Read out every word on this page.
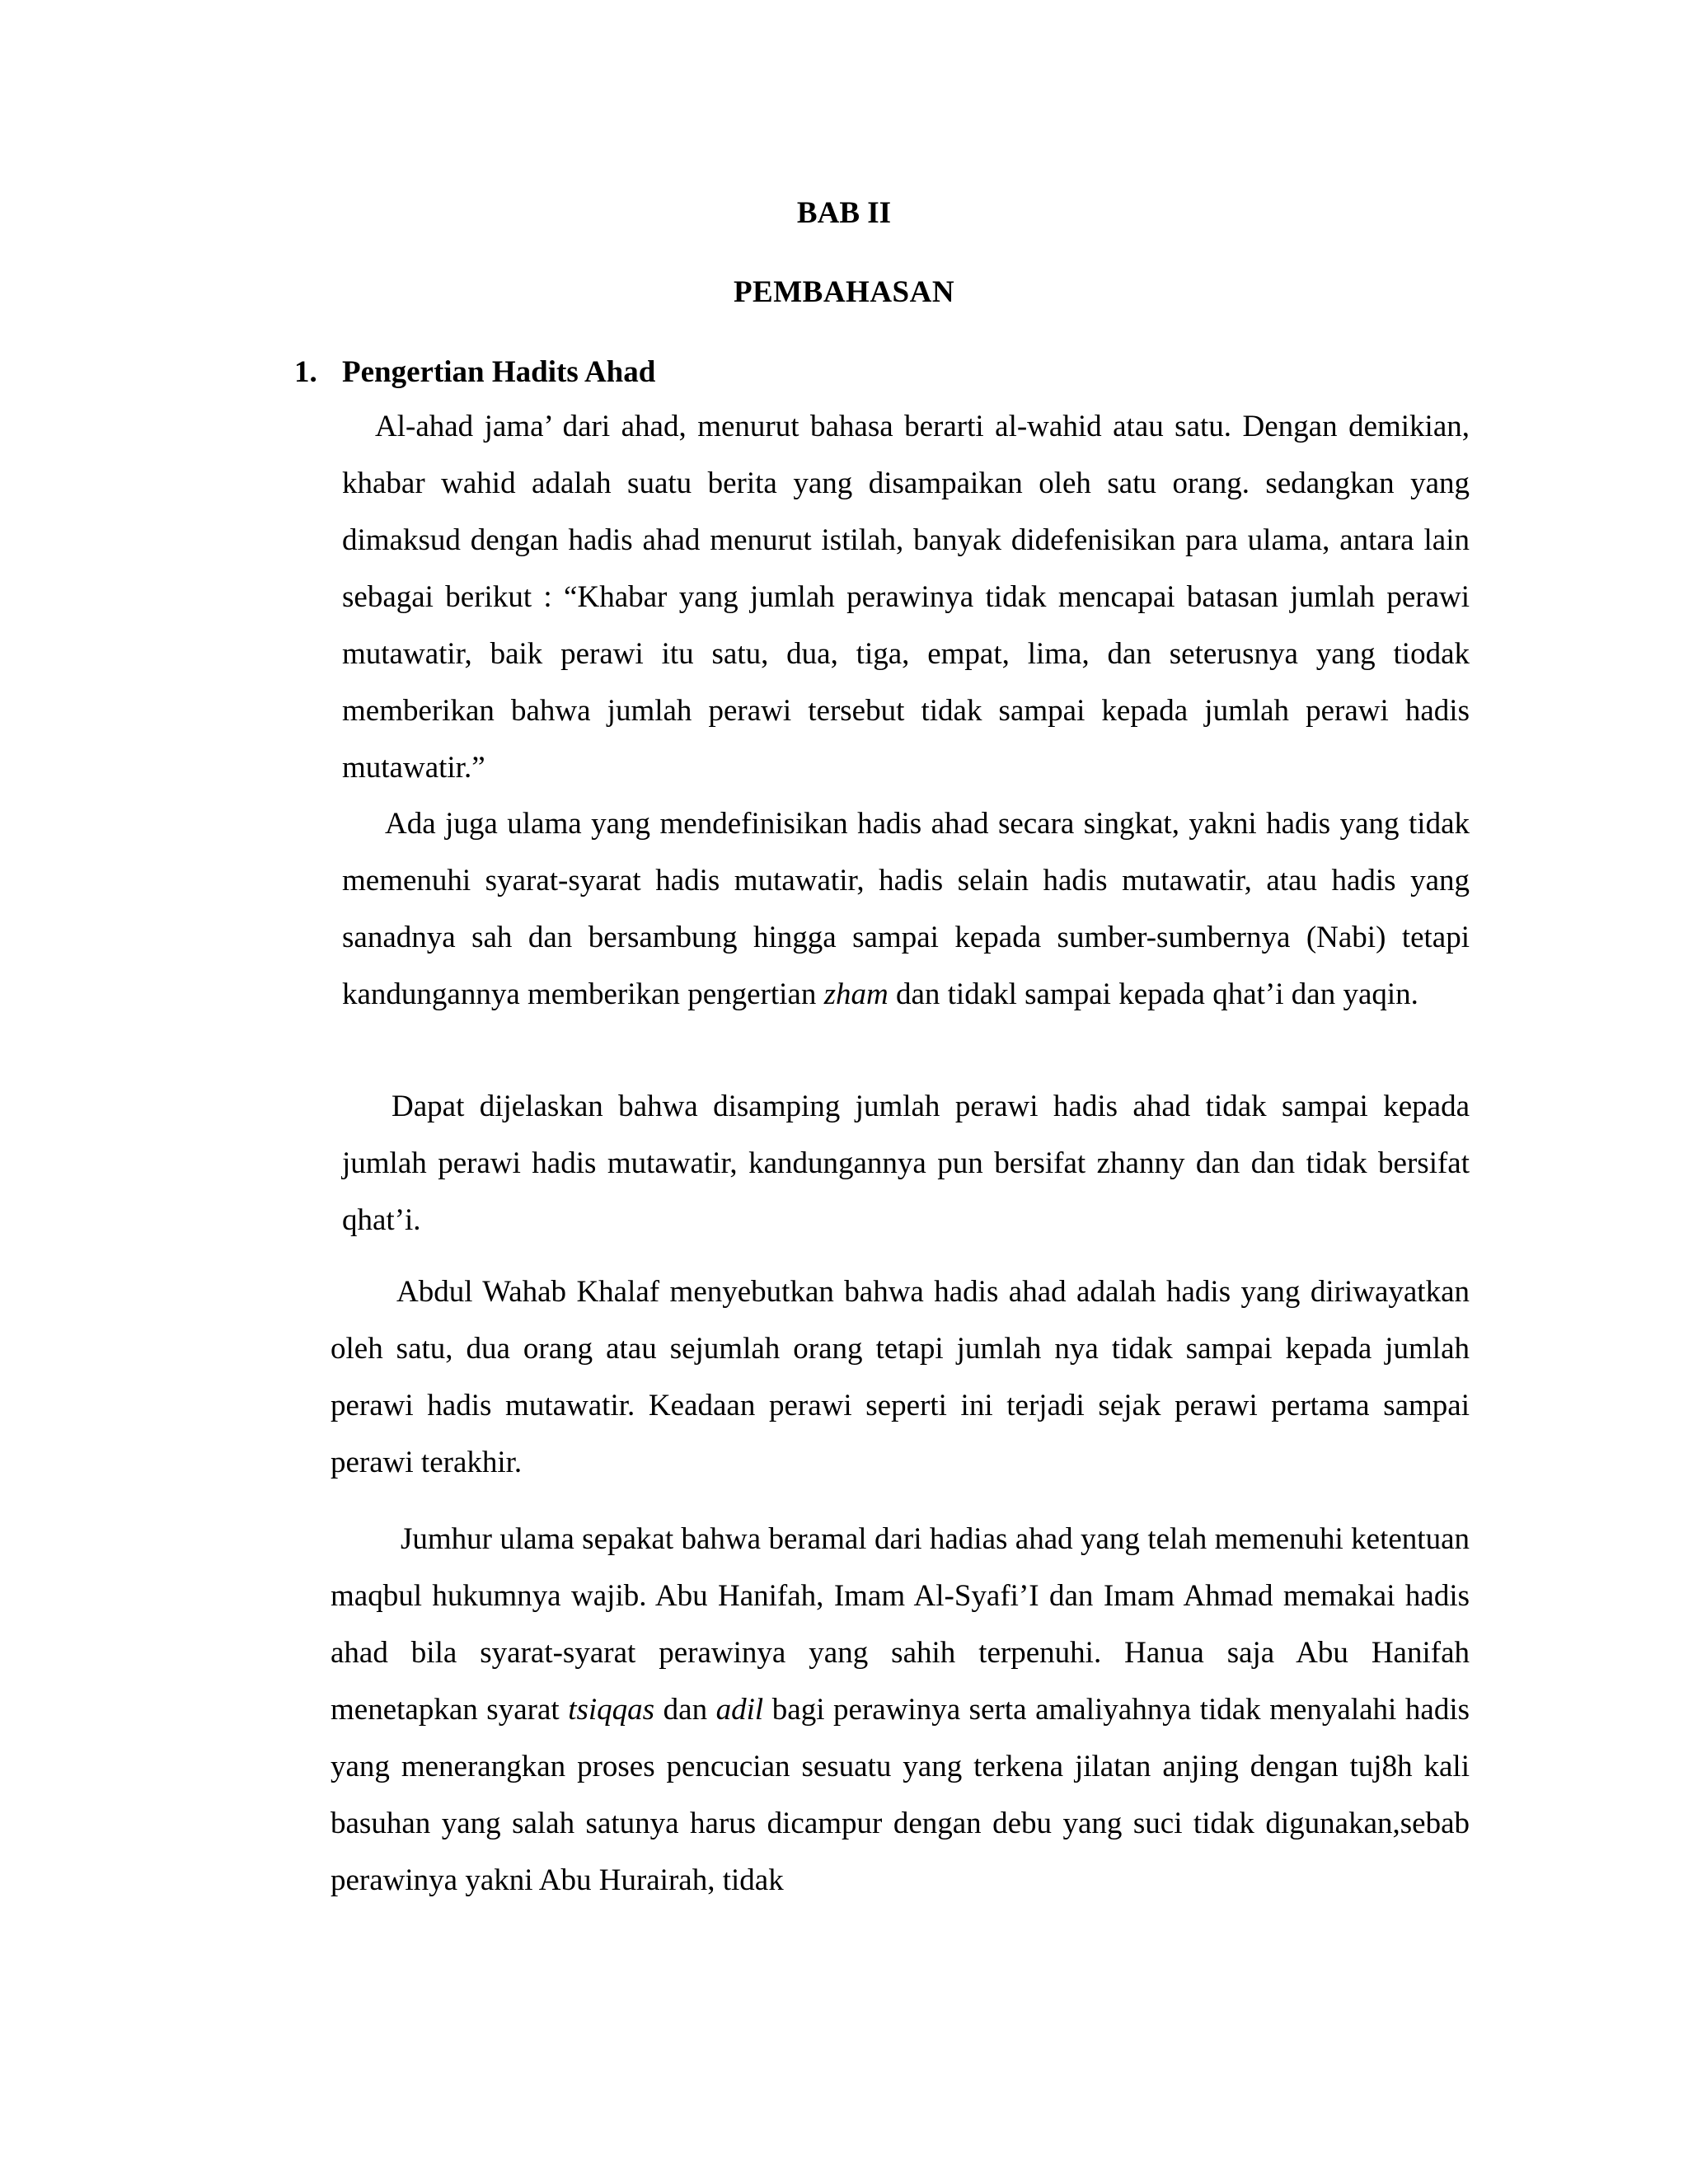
BAB II
PEMBAHASAN
1. Pengertian Hadits Ahad

Al-ahad jama’ dari ahad, menurut bahasa berarti al-wahid atau satu. Dengan demikian, khabar wahid adalah suatu berita yang disampaikan oleh satu orang. sedangkan yang dimaksud dengan hadis ahad menurut istilah, banyak didefenisikan para ulama, antara lain sebagai berikut : “Khabar yang jumlah perawinya tidak mencapai batasan jumlah perawi mutawatir, baik perawi itu satu, dua, tiga, empat, lima, dan seterusnya yang tiodak memberikan bahwa jumlah perawi tersebut tidak sampai kepada jumlah perawi hadis mutawatir.”

Ada juga ulama yang mendefinisikan hadis ahad secara singkat, yakni hadis yang tidak memenuhi syarat-syarat hadis mutawatir, hadis selain hadis mutawatir, atau hadis yang sanadnya sah dan bersambung hingga sampai kepada sumber-sumbernya (Nabi) tetapi kandungannya memberikan pengertian zham dan tidakl sampai kepada qhat’i dan yaqin.

Dapat dijelaskan bahwa disamping jumlah perawi hadis ahad tidak sampai kepada jumlah perawi hadis mutawatir, kandungannya pun bersifat zhanny dan dan tidak bersifat qhat’i.

Abdul Wahab Khalaf menyebutkan bahwa hadis ahad adalah hadis yang diriwayatkan oleh satu, dua orang atau sejumlah orang tetapi jumlah nya tidak sampai kepada jumlah perawi hadis mutawatir. Keadaan perawi seperti ini terjadi sejak perawi pertama sampai perawi terakhir.

Jumhur ulama sepakat bahwa beramal dari hadias ahad yang telah memenuhi ketentuan maqbul hukumnya wajib. Abu Hanifah, Imam Al-Syafi’I dan Imam Ahmad memakai hadis ahad bila syarat-syarat perawinya yang sahih terpenuhi. Hanua saja Abu Hanifah menetapkan syarat tsiqqas dan adil bagi perawinya serta amaliyahnya tidak menyalahi hadis yang menerangkan proses pencucian sesuatu yang terkena jilatan anjing dengan tuj8h kali basuhan yang salah satunya harus dicampur dengan debu yang suci tidak digunakan,sebab perawinya yakni Abu Hurairah, tidak
